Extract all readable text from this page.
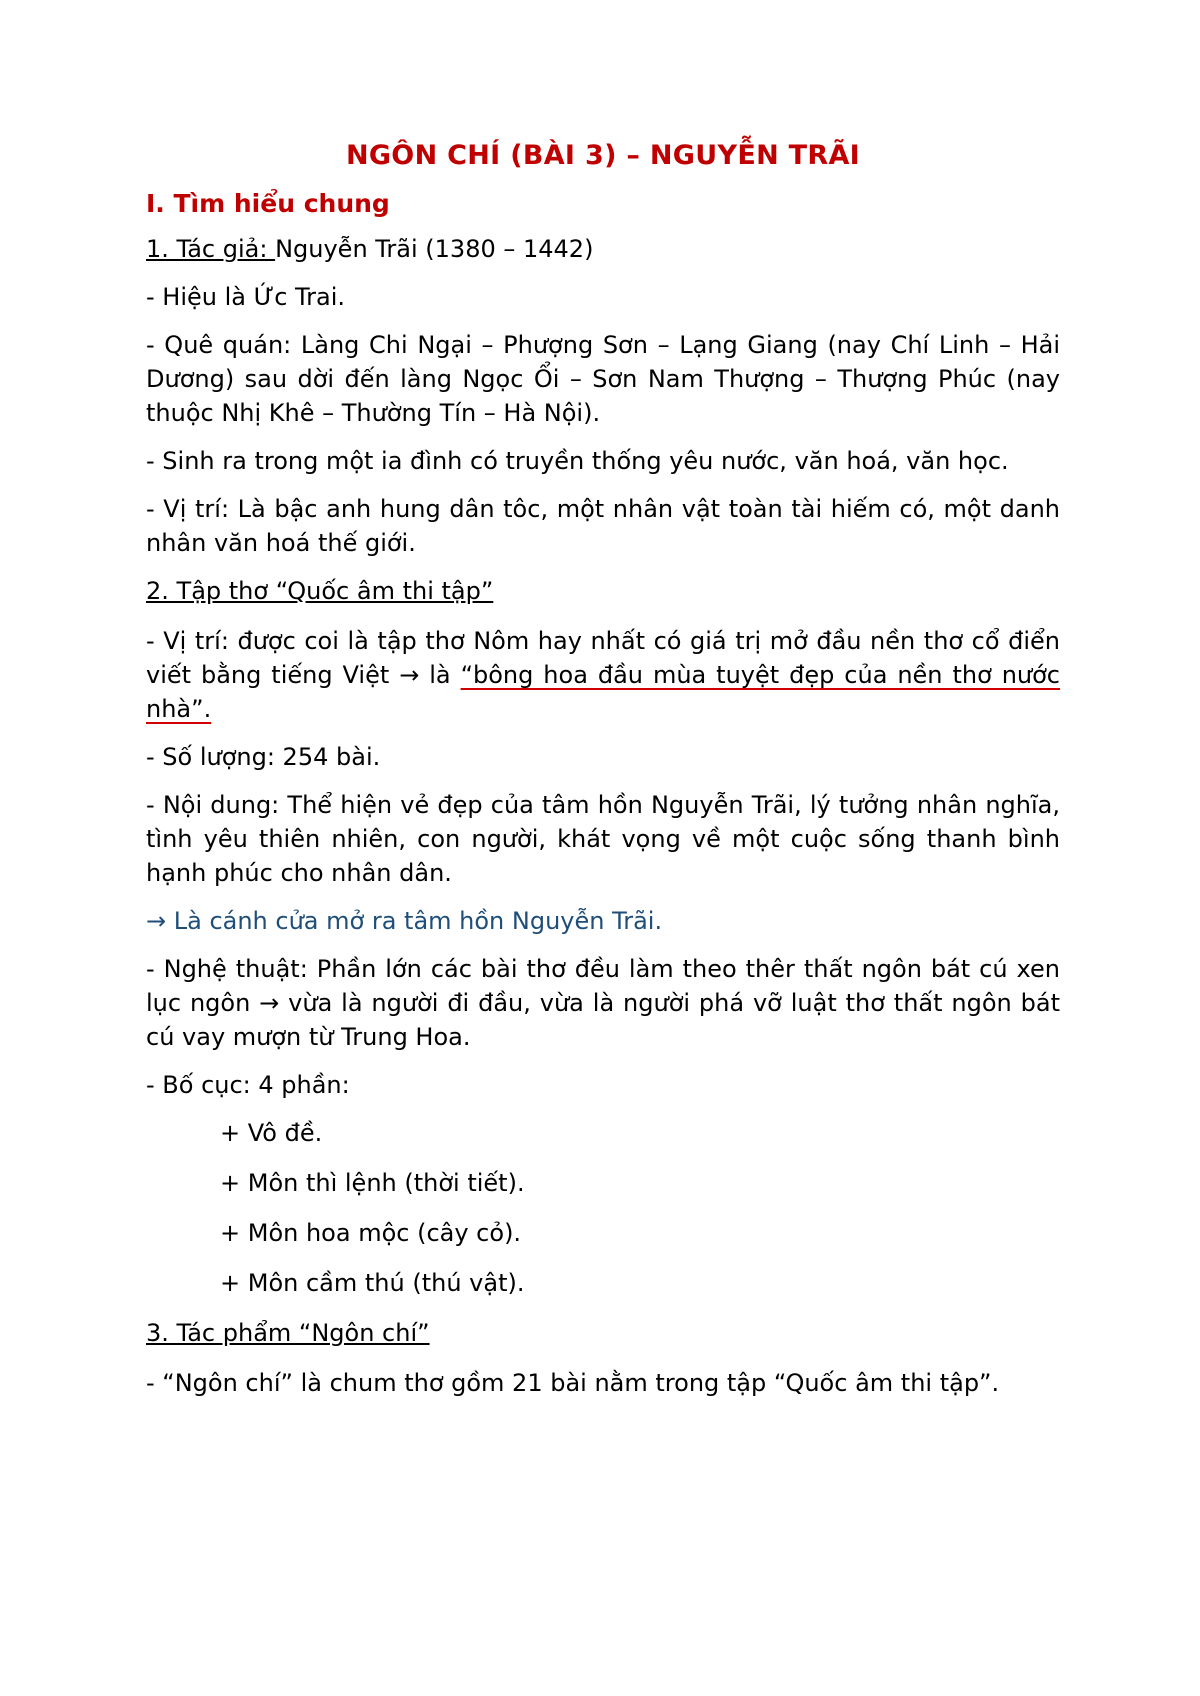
NGÔN CHÍ (BÀI 3) – NGUYỄN TRÃI
I. Tìm hiểu chung

1. Tác giả: Nguyễn Trãi (1380 – 1442)

- Hiệu là Ức Trai.

- Quê quán: Làng Chi Ngại – Phượng Sơn – Lạng Giang (nay Chí Linh – Hải Dương) sau dời đến làng Ngọc Ổi – Sơn Nam Thượng – Thượng Phúc (nay thuộc Nhị Khê – Thường Tín – Hà Nội).

- Sinh ra trong một ia đình có truyền thống yêu nước, văn hoá, văn học.

- Vị trí: Là bậc anh hung dân tôc, một nhân vật toàn tài hiếm có, một danh nhân văn hoá thế giới.

2. Tập thơ “Quốc âm thi tập”

- Vị trí: được coi là tập thơ Nôm hay nhất có giá trị mở đầu nền thơ cổ điển viết bằng tiếng Việt → là “bông hoa đầu mùa tuyệt đẹp của nền thơ nước nhà”.

- Số lượng: 254 bài.

- Nội dung: Thể hiện vẻ đẹp của tâm hồn Nguyễn Trãi, lý tưởng nhân nghĩa, tình yêu thiên nhiên, con người, khát vọng về một cuộc sống thanh bình hạnh phúc cho nhân dân.

→ Là cánh cửa mở ra tâm hồn Nguyễn Trãi.

- Nghệ thuật: Phần lớn các bài thơ đều làm theo thêr thất ngôn bát cú xen lục ngôn → vừa là người đi đầu, vừa là người phá vỡ luật thơ thất ngôn bát cú vay mượn từ Trung Hoa.

- Bố cục: 4 phần:

+ Vô đề.

+ Môn thì lệnh (thời tiết).

+ Môn hoa mộc (cây cỏ).

+ Môn cầm thú (thú vật).

3. Tác phẩm “Ngôn chí”

- “Ngôn chí” là chum thơ gồm 21 bài nằm trong tập “Quốc âm thi tập”.
